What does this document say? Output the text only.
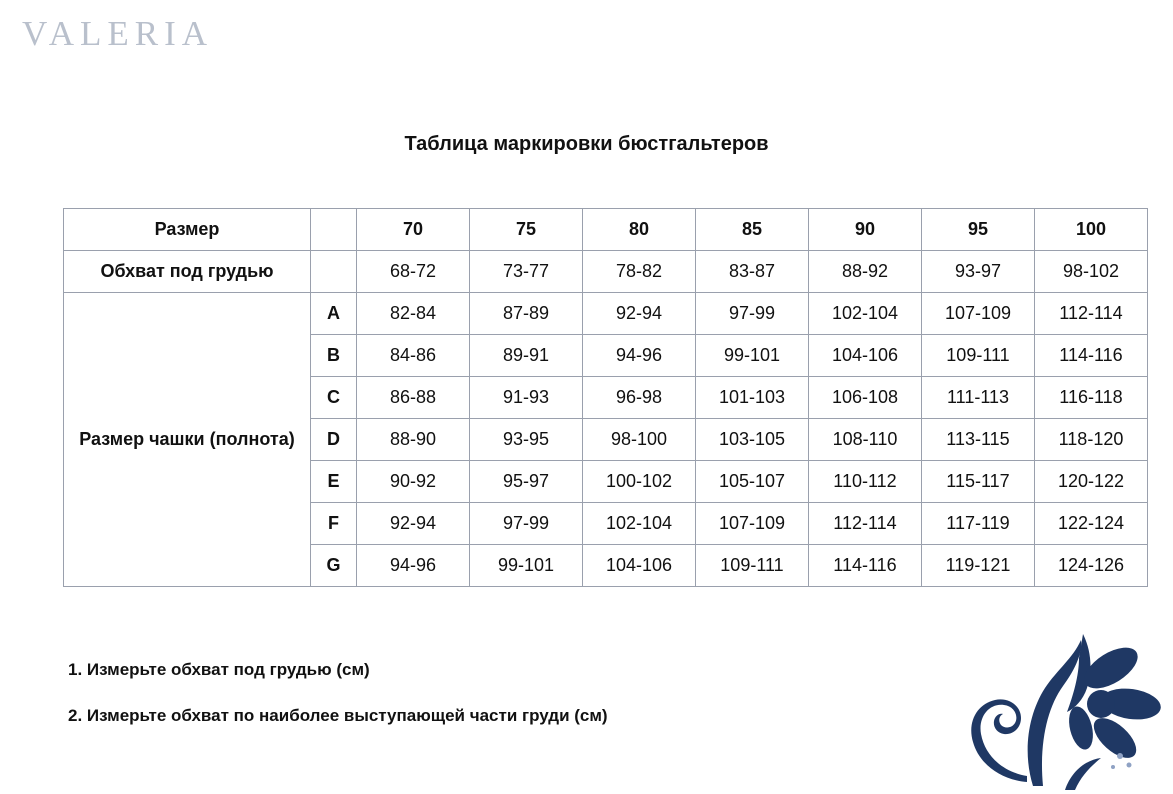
VALERIA
Таблица маркировки бюстгальтеров
Размер		70	75	80	85	90	95	100
Обхват под грудью		68-72	73-77	78-82	83-87	88-92	93-97	98-102
Размер чашки (полнота)	A	82-84	87-89	92-94	97-99	102-104	107-109	112-114
	B	84-86	89-91	94-96	99-101	104-106	109-111	114-116
	C	86-88	91-93	96-98	101-103	106-108	111-113	116-118
	D	88-90	93-95	98-100	103-105	108-110	113-115	118-120
	E	90-92	95-97	100-102	105-107	110-112	115-117	120-122
	F	92-94	97-99	102-104	107-109	112-114	117-119	122-124
	G	94-96	99-101	104-106	109-111	114-116	119-121	124-126
1. Измерьте обхват под грудью (см)
2. Измерьте обхват по наиболее выступающей части груди (см)
